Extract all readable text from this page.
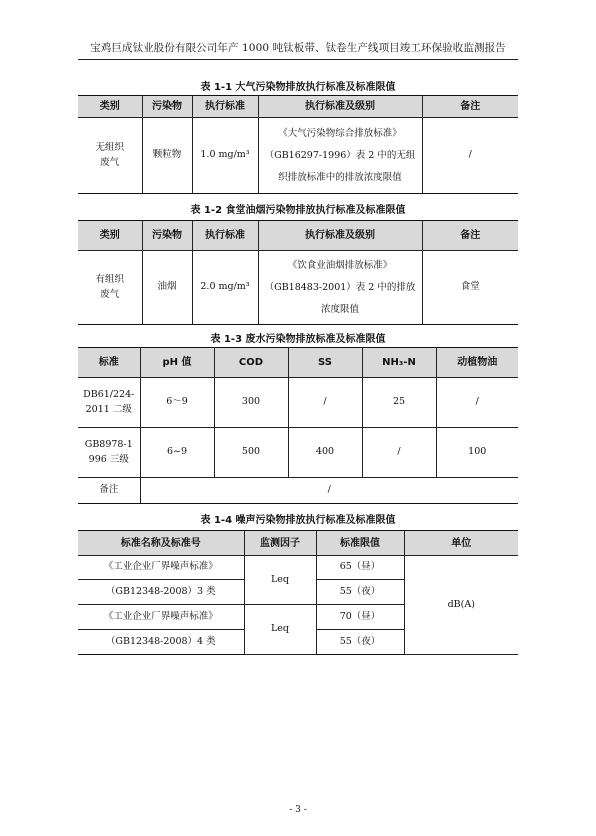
宝鸡巨成钛业股份有限公司年产 1000 吨钛板带、钛卷生产线项目竣工环保验收监测报告
表 1-1 大气污染物排放执行标准及标准限值
类别	污染物	执行标准	执行标准及级别	备注

无组织
废气	颗粒物	1.0 mg/m³	《大气污染物综合排放标准》（GB16297-1996）表 2 中的无组织排放标准中的排放浓度限值	/
表 1-2 食堂油烟污染物排放执行标准及标准限值
类别	污染物	执行标准	执行标准及级别	备注

有组织
废气	油烟	2.0 mg/m³	《饮食业油烟排放标准》（GB18483-2001）表 2 中的排放浓度限值	食堂
表 1-3 废水污染物排放标准及标准限值
标准	pH 值	COD	SS	NH₃-N	动植物油

DB61/224-
2011 二级	6～9	300	/	25	/

GB8978-1
996 三级	6~9	500	400	/	100
备注	/				
表 1-4 噪声污染物排放执行标准及标准限值
标准名称及标准号	监测因子	标准限值	单位
《工业企业厂界噪声标准》	Leq	65（昼）	dB(A)
（GB12348-2008）3 类		55（夜）	
《工业企业厂界噪声标准》	Leq	70（昼）	
（GB12348-2008）4 类		55（夜）	
- 3 -
